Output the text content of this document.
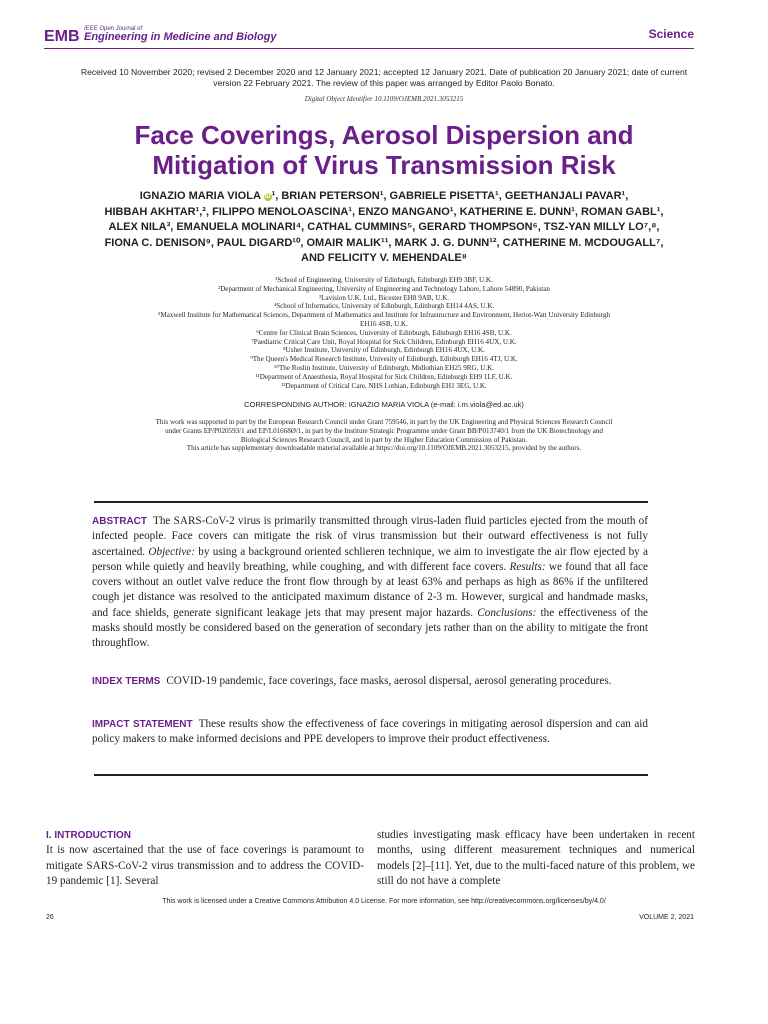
EMB IEEE Open Journal of
Engineering in Medicine and Biology	Science
Received 10 November 2020; revised 2 December 2020 and 12 January 2021; accepted 12 January 2021. Date of publication 20 January 2021; date of current version 22 February 2021. The review of this paper was arranged by Editor Paolo Bonato.
Digital Object Identifier 10.1109/OJEMB.2021.3053215
Face Coverings, Aerosol Dispersion and
Mitigation of Virus Transmission Risk
IGNAZIO MARIA VIOLA iD¹, BRIAN PETERSON¹, GABRIELE PISETTA¹, GEETHANJALI PAVAR¹,
HIBBAH AKHTAR¹,², FILIPPO MENOLOASCINA¹, ENZO MANGANO¹, KATHERINE E. DUNN¹, ROMAN GABL¹,
ALEX NILA³, EMANUELA MOLINARI⁴, CATHAL CUMMINS⁵, GERARD THOMPSON⁶, TSZ-YAN MILLY LO⁷,⁸,
FIONA C. DENISON⁹, PAUL DIGARD¹⁰, OMAIR MALIK¹¹, MARK J. G. DUNN¹², CATHERINE M. MCDOUGALL⁷,
AND FELICITY V. MEHENDALE⁸
¹School of Engineering, University of Edinburgh, Edinburgh EH9 3BF, U.K.
²Department of Mechanical Engineering, University of Engineering and Technology Lahore, Lahore 54890, Pakistan
³Lavision U.K. Ltd., Bicester EH8 9AB, U.K.
⁴School of Informatics, University of Edinburgh, Edinburgh EH14 4AS, U.K.
⁵Maxwell Institute for Mathematical Sciences, Department of Mathematics and Institute for Infrastructure and Environment, Heriot-Watt University Edinburgh
EH16 4SB, U.K.
⁶Centre for Clinical Brain Sciences, University of Edinburgh, Edinburgh EH16 4SB, U.K.
⁷Paediatric Critical Care Unit, Royal Hospital for Sick Children, Edinburgh EH16 4UX, U.K.
⁸Usher Institute, University of Edinburgh, Edinburgh EH16 4UX, U.K.
⁹The Queen's Medical Research Institute, Univesity of Edinburgh, Edinburgh EH16 4TJ, U.K.
¹⁰The Roslin Institute, University of Edinburgh, Midlothian EH25 9RG, U.K.
¹¹Department of Anaesthesia, Royal Hospital for Sick Children, Edinburgh EH9 1LF, U.K.
¹²Department of Critical Care, NHS Lothian, Edinburgh EH1 3EG, U.K.
CORRESPONDING AUTHOR: IGNAZIO MARIA VIOLA (e-mail: i.m.viola@ed.ac.uk)
This work was supported in part by the European Research Council under Grant 759546, in part by the UK Engineering and Physical Sciences Research Council
under Grants EP/P020593/1 and EP/L01668Ø/1, in part by the Institute Strategic Programme under Grant BB/P013740/1 from the UK Biotechnology and
Biological Sciences Research Council, and in part by the Higher Education Commission of Pakistan.
This article has supplementary downloadable material available at https://doi.org/10.1109/OJEMB.2021.3053215, provided by the authors.
ABSTRACT The SARS-CoV-2 virus is primarily transmitted through virus-laden fluid particles ejected from the mouth of infected people. Face covers can mitigate the risk of virus transmission but their outward effectiveness is not fully ascertained. Objective: by using a background oriented schlieren technique, we aim to investigate the air flow ejected by a person while quietly and heavily breathing, while coughing, and with different face covers. Results: we found that all face covers without an outlet valve reduce the front flow through by at least 63% and perhaps as high as 86% if the unfiltered cough jet distance was resolved to the anticipated maximum distance of 2-3 m. However, surgical and handmade masks, and face shields, generate significant leakage jets that may present major hazards. Conclusions: the effectiveness of the masks should mostly be considered based on the generation of secondary jets rather than on the ability to mitigate the front throughflow.
INDEX TERMS COVID-19 pandemic, face coverings, face masks, aerosol dispersal, aerosol generating procedures.
IMPACT STATEMENT These results show the effectiveness of face coverings in mitigating aerosol dispersion and can aid policy makers to make informed decisions and PPE developers to improve their product effectiveness.
I. INTRODUCTION
It is now ascertained that the use of face coverings is paramount to mitigate SARS-CoV-2 virus transmission and to address the COVID-19 pandemic [1]. Several
studies investigating mask efficacy have been undertaken in recent months, using different measurement techniques and numerical models [2]–[11]. Yet, due to the multi-faced nature of this problem, we still do not have a complete
This work is licensed under a Creative Commons Attribution 4.0 License. For more information, see http://creativecommons.org/licenses/by/4.0/
26	VOLUME 2, 2021
